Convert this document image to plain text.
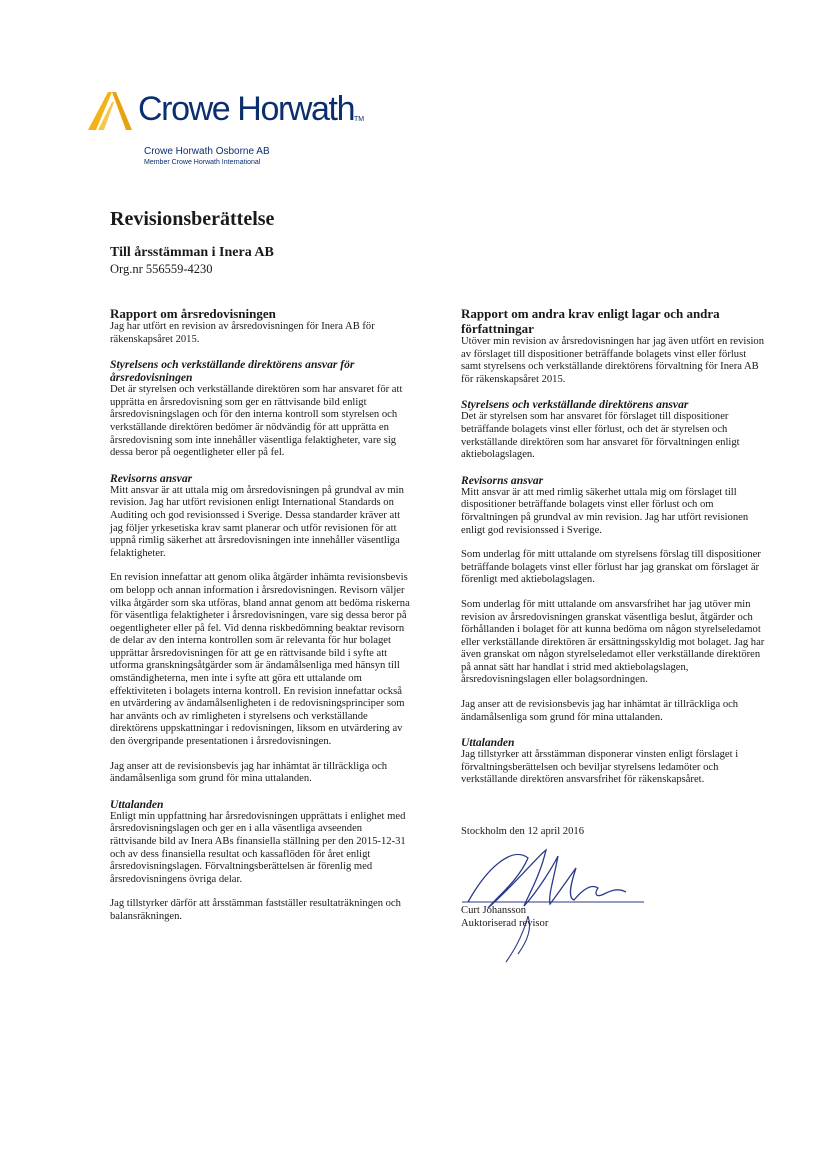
Crowe Horwath TM
Crowe Horwath Osborne AB
Member Crowe Horwath International
Revisionsberättelse
Till årsstämman i Inera AB
Org.nr 556559-4230
Rapport om årsredovisningen

Jag har utfört en revision av årsredovisningen för Inera AB för räkenskapsåret 2015.

Styrelsens och verkställande direktörens ansvar för årsredovisningen

Det är styrelsen och verkställande direktören som har ansvaret för att upprätta en årsredovisning som ger en rättvisande bild enligt årsredovisningslagen och för den interna kontroll som styrelsen och verkställande direktören bedömer är nödvändig för att upprätta en årsredovisning som inte innehåller väsentliga felaktigheter, vare sig dessa beror på oegentligheter eller på fel.

Revisorns ansvar

Mitt ansvar är att uttala mig om årsredovisningen på grundval av min revision. Jag har utfört revisionen enligt International Standards on Auditing och god revisionssed i Sverige. Dessa standarder kräver att jag följer yrkesetiska krav samt planerar och utför revisionen för att uppnå rimlig säkerhet att årsredovisningen inte innehåller väsentliga felaktigheter.

En revision innefattar att genom olika åtgärder inhämta revisionsbevis om belopp och annan information i årsredovisningen. Revisorn väljer vilka åtgärder som ska utföras, bland annat genom att bedöma riskerna för väsentliga felaktigheter i årsredovisningen, vare sig dessa beror på oegentligheter eller på fel. Vid denna riskbedömning beaktar revisorn de delar av den interna kontrollen som är relevanta för hur bolaget upprättar årsredovisningen för att ge en rättvisande bild i syfte att utforma granskningsåtgärder som är ändamålsenliga med hänsyn till omständigheterna, men inte i syfte att göra ett uttalande om effektiviteten i bolagets interna kontroll. En revision innefattar också en utvärdering av ändamålsenligheten i de redovisningsprinciper som har använts och av rimligheten i styrelsens och verkställande direktörens uppskattningar i redovisningen, liksom en utvärdering av den övergripande presentationen i årsredovisningen.

Jag anser att de revisionsbevis jag har inhämtat är tillräckliga och ändamålsenliga som grund för mina uttalanden.

Uttalanden

Enligt min uppfattning har årsredovisningen upprättats i enlighet med årsredovisningslagen och ger en i alla väsentliga avseenden rättvisande bild av Inera ABs finansiella ställning per den 2015-12-31 och av dess finansiella resultat och kassaflöden för året enligt årsredovisningslagen. Förvaltningsberättelsen är förenlig med årsredovisningens övriga delar.

Jag tillstyrker därför att årsstämman fastställer resultaträkningen och balansräkningen.

Rapport om andra krav enligt lagar och andra författningar

Utöver min revision av årsredovisningen har jag även utfört en revision av förslaget till dispositioner beträffande bolagets vinst eller förlust samt styrelsens och verkställande direktörens förvaltning för Inera AB för räkenskapsåret 2015.

Styrelsens och verkställande direktörens ansvar

Det är styrelsen som har ansvaret för förslaget till dispositioner beträffande bolagets vinst eller förlust, och det är styrelsen och verkställande direktören som har ansvaret för förvaltningen enligt aktiebolagslagen.

Revisorns ansvar

Mitt ansvar är att med rimlig säkerhet uttala mig om förslaget till dispositioner beträffande bolagets vinst eller förlust och om förvaltningen på grundval av min revision. Jag har utfört revisionen enligt god revisionssed i Sverige.

Som underlag för mitt uttalande om styrelsens förslag till dispositioner beträffande bolagets vinst eller förlust har jag granskat om förslaget är förenligt med aktiebolagslagen.

Som underlag för mitt uttalande om ansvarsfrihet har jag utöver min revision av årsredovisningen granskat väsentliga beslut, åtgärder och förhållanden i bolaget för att kunna bedöma om någon styrelseledamot eller verkställande direktören är ersättningsskyldig mot bolaget. Jag har även granskat om någon styrelseledamot eller verkställande direktören på annat sätt har handlat i strid med aktiebolagslagen, årsredovisningslagen eller bolagsordningen.

Jag anser att de revisionsbevis jag har inhämtat är tillräckliga och ändamålsenliga som grund för mina uttalanden.

Uttalanden

Jag tillstyrker att årsstämman disponerar vinsten enligt förslaget i förvaltningsberättelsen och beviljar styrelsens ledamöter och verkställande direktören ansvarsfrihet för räkenskapsåret.

Stockholm den 12 april 2016
Curt Johansson
Auktoriserad revisor
